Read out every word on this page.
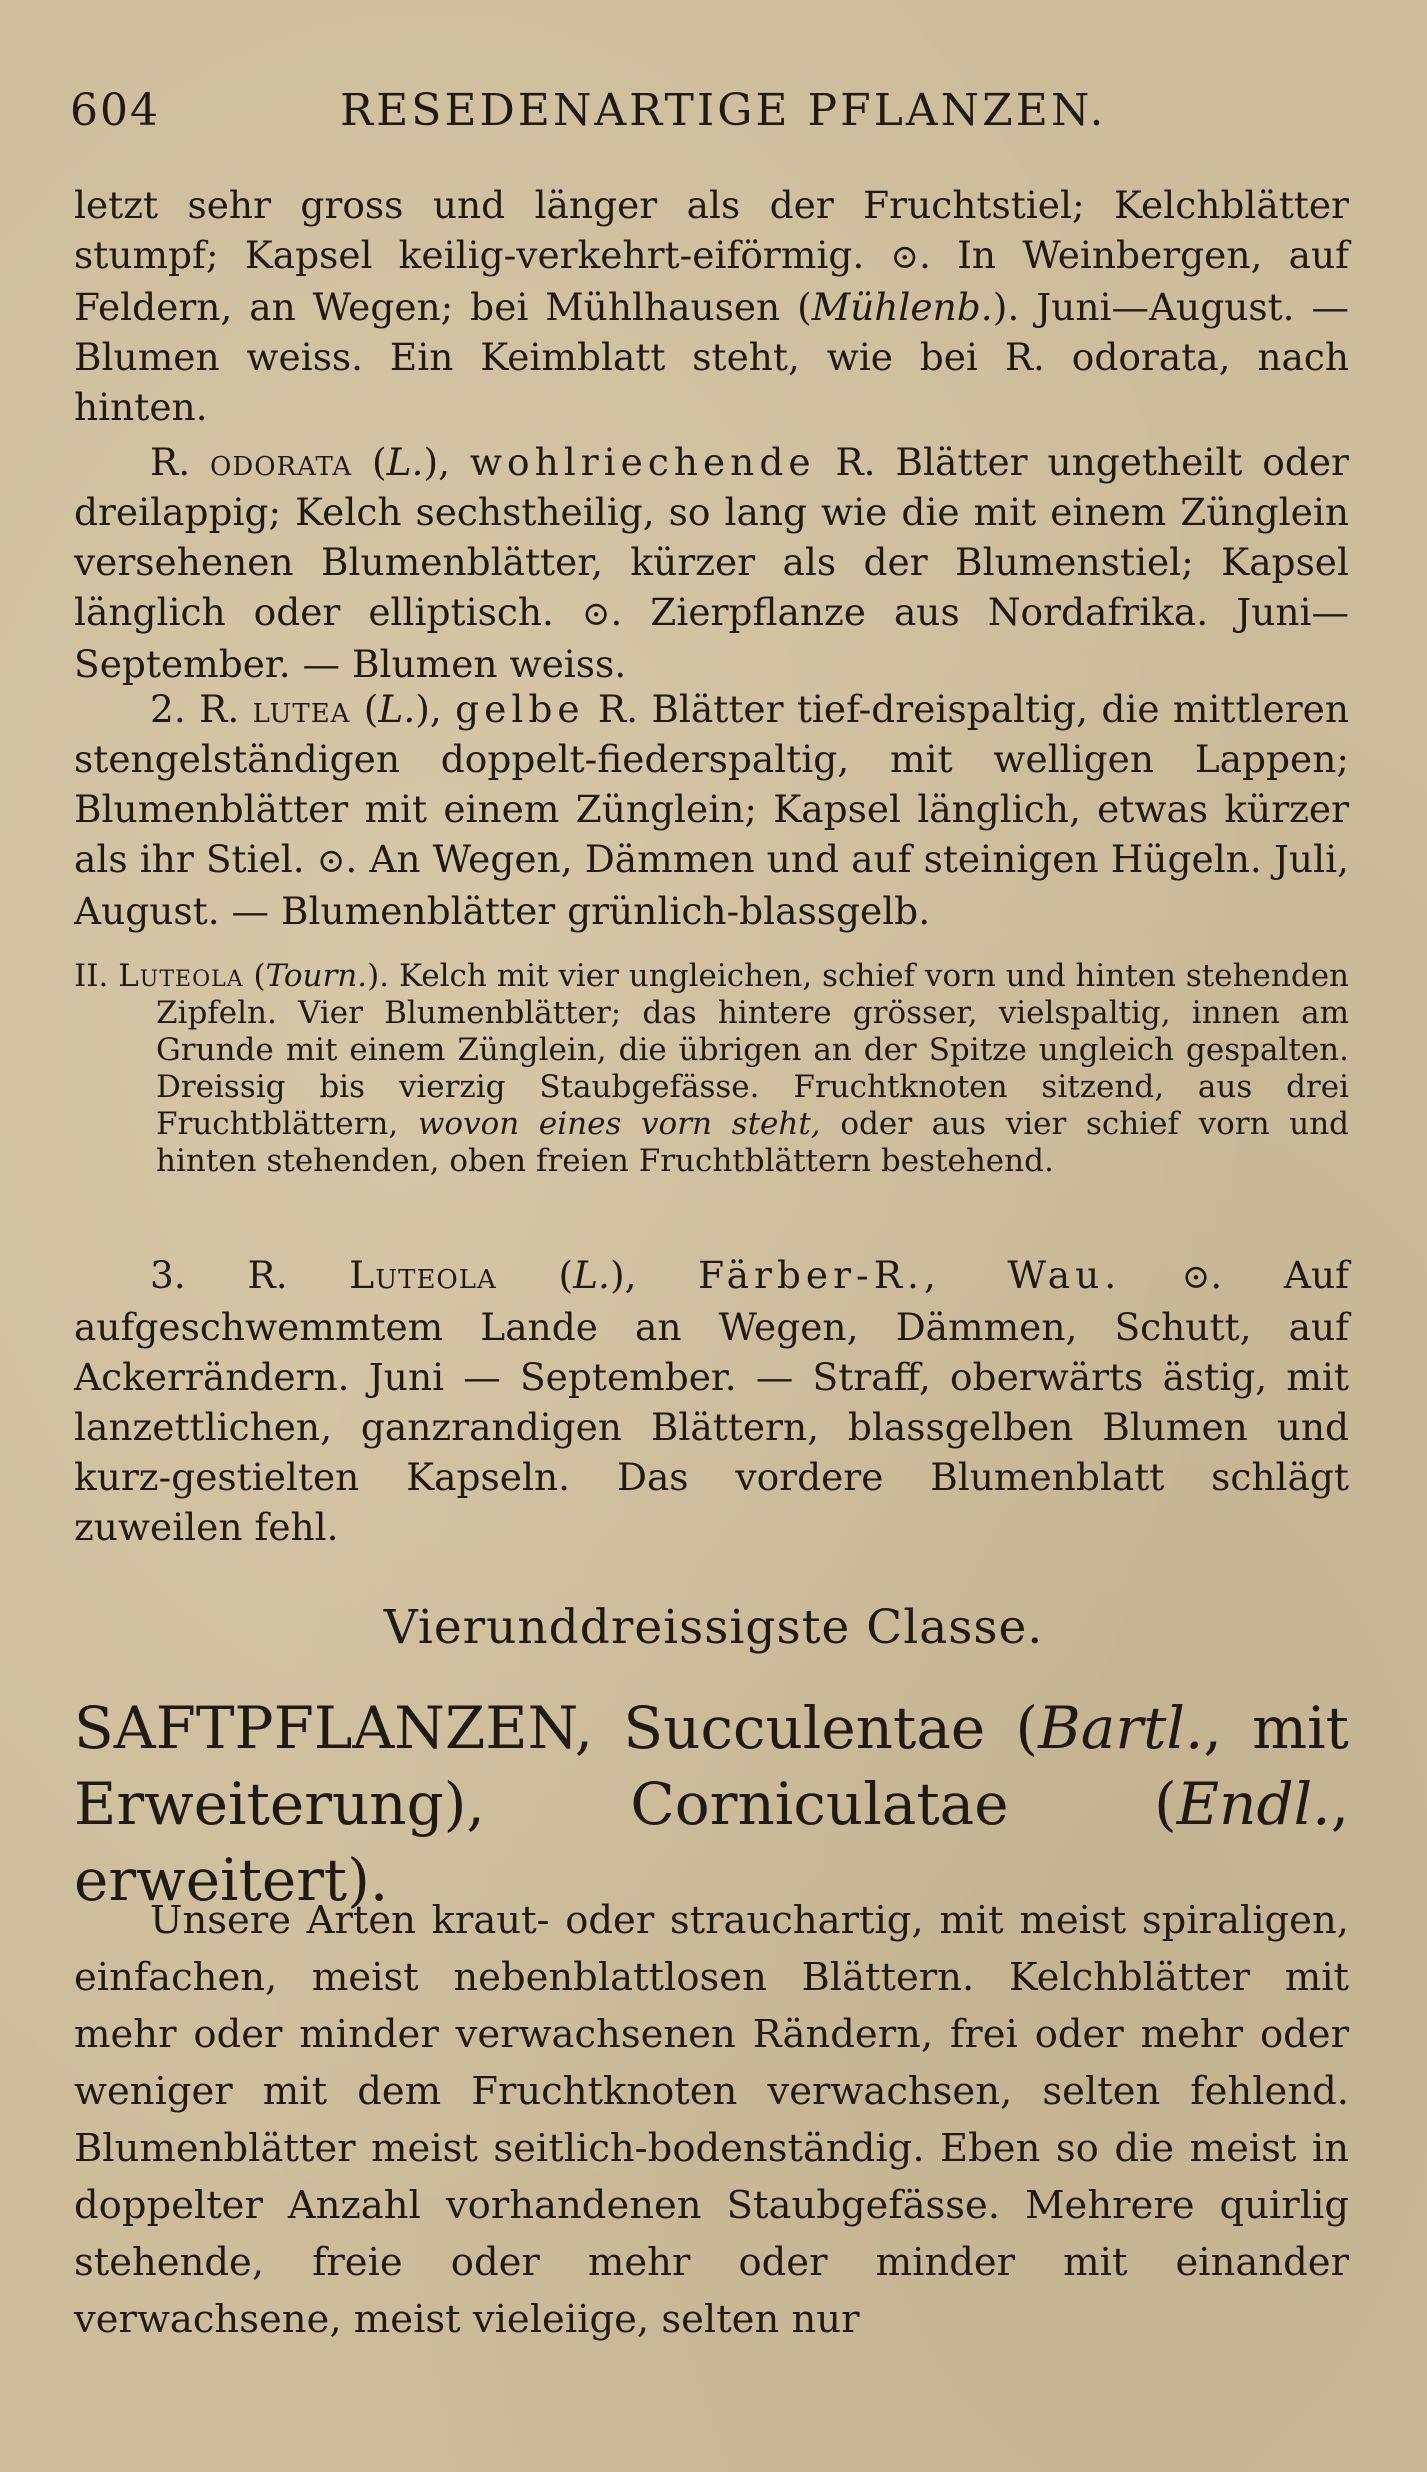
604	RESEDENARTIGE PFLANZEN.

letzt sehr gross und länger als der Fruchtstiel; Kelchblätter stumpf; Kapsel keilig-verkehrt-eiförmig. ⊙. In Weinbergen, auf Feldern, an Wegen; bei Mühlhausen (Mühlenb.). Juni—August. — Blumen weiss. Ein Keimblatt steht, wie bei R. odorata, nach hinten.

R. odorata (L.), wohlriechende R. Blätter ungetheilt oder dreilappig; Kelch sechstheilig, so lang wie die mit einem Zünglein versehenen Blumenblätter, kürzer als der Blumenstiel; Kapsel länglich oder elliptisch. ⊙. Zierpflanze aus Nordafrika. Juni—September. — Blumen weiss.

2. R. lutea (L.), gelbe R. Blätter tief-dreispaltig, die mittleren stengelständigen doppelt-fiederspaltig, mit welligen Lappen; Blumenblätter mit einem Zünglein; Kapsel länglich, etwas kürzer als ihr Stiel. ⊙. An Wegen, Dämmen und auf steinigen Hügeln. Juli, August. — Blumenblätter grünlich-blassgelb.

II. Luteola (Tourn.). Kelch mit vier ungleichen, schief vorn und hinten stehenden Zipfeln. Vier Blumenblätter; das hintere grösser, vielspaltig, innen am Grunde mit einem Zünglein, die übrigen an der Spitze ungleich gespalten. Dreissig bis vierzig Staubgefässe. Fruchtknoten sitzend, aus drei Fruchtblättern, wovon eines vorn steht, oder aus vier schief vorn und hinten stehenden, oben freien Fruchtblättern bestehend.

3. R. Luteola (L.), Färber-R., Wau. ⊙. Auf aufgeschwemmtem Lande an Wegen, Dämmen, Schutt, auf Ackerrändern. Juni — September. — Straff, oberwärts ästig, mit lanzettlichen, ganzrandigen Blättern, blassgelben Blumen und kurz-gestielten Kapseln. Das vordere Blumenblatt schlägt zuweilen fehl.

Vierunddreissigste Classe.

SAFTPFLANZEN, Succulentae (Bartl., mit Erweiterung), Corniculatae (Endl., erweitert).

Unsere Arten kraut- oder strauchartig, mit meist spiraligen, einfachen, meist nebenblattlosen Blättern. Kelchblätter mit mehr oder minder verwachsenen Rändern, frei oder mehr oder weniger mit dem Fruchtknoten verwachsen, selten fehlend. Blumenblätter meist seitlich-bodenständig. Eben so die meist in doppelter Anzahl vorhandenen Staubgefässe. Mehrere quirlig stehende, freie oder mehr oder minder mit einander verwachsene, meist vieleiige, selten nur
